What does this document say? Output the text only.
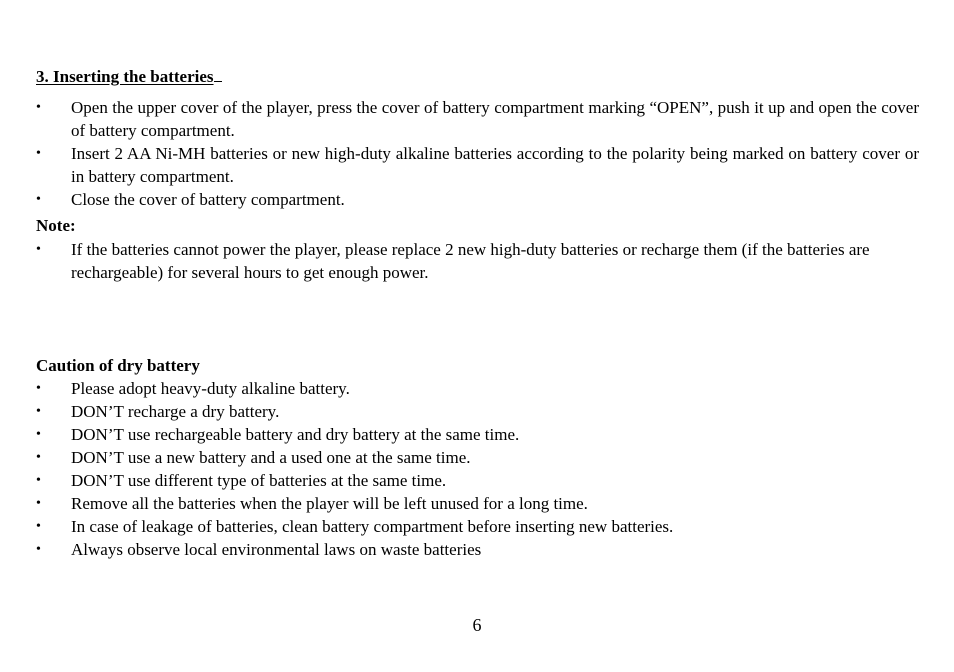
3. Inserting the batteries
• Open the upper cover of the player, press the cover of battery compartment marking “OPEN”, push it up and open the cover of battery compartment.
• Insert 2 AA Ni-MH batteries or new high-duty alkaline batteries according to the polarity being marked on battery cover or in battery compartment.
• Close the cover of battery compartment.
Note:
• If the batteries cannot power the player, please replace 2 new high-duty batteries or recharge them (if the batteries are rechargeable) for several hours to get enough power.
Caution of dry battery
• Please adopt heavy-duty alkaline battery.
• DON’T recharge a dry battery.
• DON’T use rechargeable battery and dry battery at the same time.
• DON’T use a new battery and a used one at the same time.
• DON’T use different type of batteries at the same time.
• Remove all the batteries when the player will be left unused for a long time.
• In case of leakage of batteries, clean battery compartment before inserting new batteries.
• Always observe local environmental laws on waste batteries
6
